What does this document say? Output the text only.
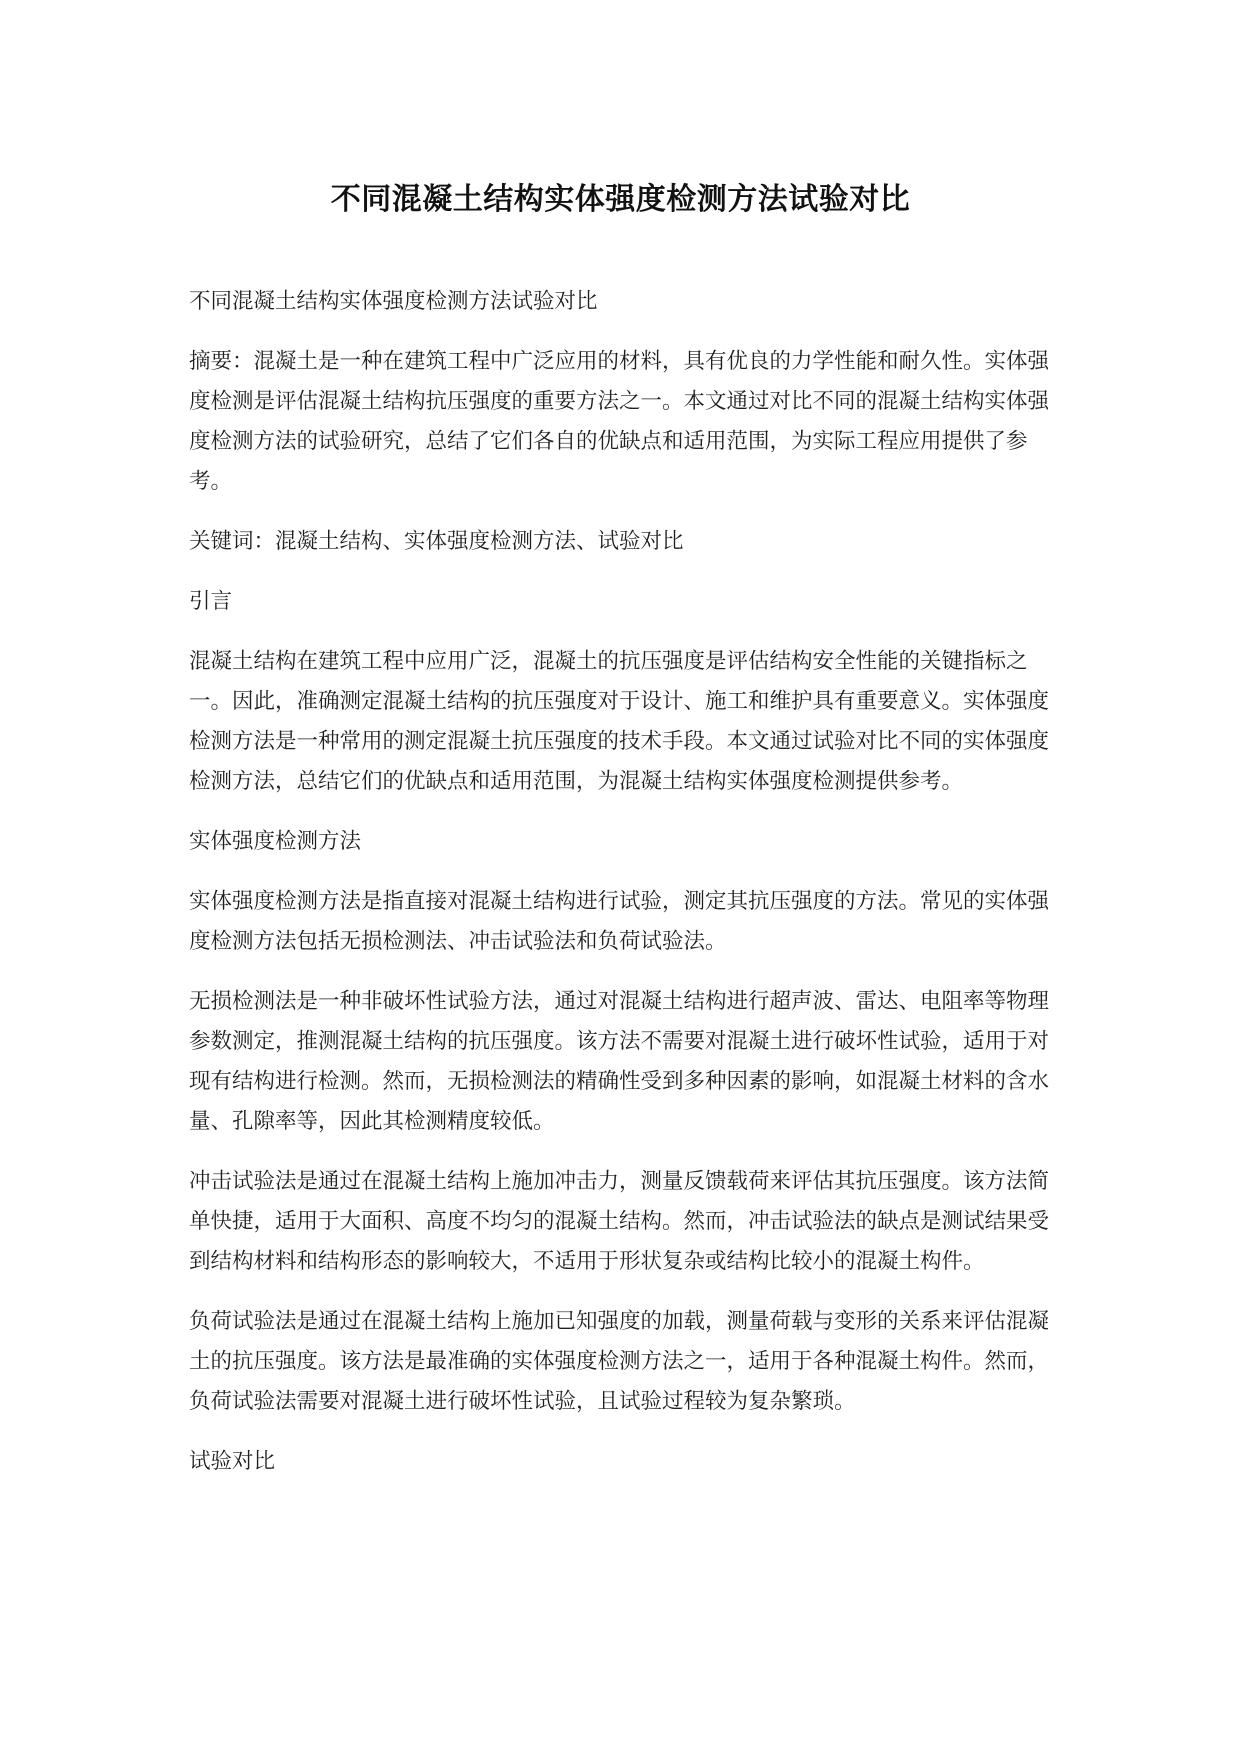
不同混凝土结构实体强度检测方法试验对比

不同混凝土结构实体强度检测方法试验对比

摘要：混凝土是一种在建筑工程中广泛应用的材料，具有优良的力学性能和耐久性。实体强度检测是评估混凝土结构抗压强度的重要方法之一。本文通过对比不同的混凝土结构实体强度检测方法的试验研究，总结了它们各自的优缺点和适用范围，为实际工程应用提供了参考。

关键词：混凝土结构、实体强度检测方法、试验对比

引言

混凝土结构在建筑工程中应用广泛，混凝土的抗压强度是评估结构安全性能的关键指标之一。因此，准确测定混凝土结构的抗压强度对于设计、施工和维护具有重要意义。实体强度检测方法是一种常用的测定混凝土抗压强度的技术手段。本文通过试验对比不同的实体强度检测方法，总结它们的优缺点和适用范围，为混凝土结构实体强度检测提供参考。

实体强度检测方法

实体强度检测方法是指直接对混凝土结构进行试验，测定其抗压强度的方法。常见的实体强度检测方法包括无损检测法、冲击试验法和负荷试验法。

无损检测法是一种非破坏性试验方法，通过对混凝土结构进行超声波、雷达、电阻率等物理参数测定，推测混凝土结构的抗压强度。该方法不需要对混凝土进行破坏性试验，适用于对现有结构进行检测。然而，无损检测法的精确性受到多种因素的影响，如混凝土材料的含水量、孔隙率等，因此其检测精度较低。

冲击试验法是通过在混凝土结构上施加冲击力，测量反馈载荷来评估其抗压强度。该方法简单快捷，适用于大面积、高度不均匀的混凝土结构。然而，冲击试验法的缺点是测试结果受到结构材料和结构形态的影响较大，不适用于形状复杂或结构比较小的混凝土构件。

负荷试验法是通过在混凝土结构上施加已知强度的加载，测量荷载与变形的关系来评估混凝土的抗压强度。该方法是最准确的实体强度检测方法之一，适用于各种混凝土构件。然而，负荷试验法需要对混凝土进行破坏性试验，且试验过程较为复杂繁琐。

试验对比
